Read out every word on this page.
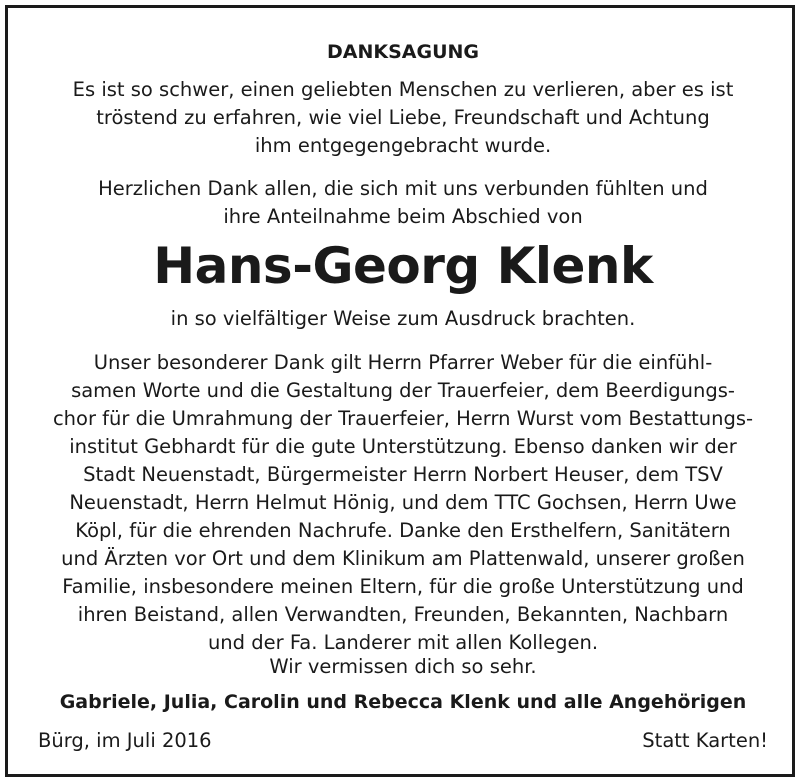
DANKSAGUNG
Es ist so schwer, einen geliebten Menschen zu verlieren, aber es ist
tröstend zu erfahren, wie viel Liebe, Freundschaft und Achtung
ihm entgegengebracht wurde.
Herzlichen Dank allen, die sich mit uns verbunden fühlten und
ihre Anteilnahme beim Abschied von
Hans-Georg Klenk
in so vielfältiger Weise zum Ausdruck brachten.
Unser besonderer Dank gilt Herrn Pfarrer Weber für die einfühl-
samen Worte und die Gestaltung der Trauerfeier, dem Beerdigungs-
chor für die Umrahmung der Trauerfeier, Herrn Wurst vom Bestattungs-
institut Gebhardt für die gute Unterstützung. Ebenso danken wir der
Stadt Neuenstadt, Bürgermeister Herrn Norbert Heuser, dem TSV
Neuenstadt, Herrn Helmut Hönig, und dem TTC Gochsen, Herrn Uwe
Köpl, für die ehrenden Nachrufe. Danke den Ersthelfern, Sanitätern
und Ärzten vor Ort und dem Klinikum am Plattenwald, unserer großen
Familie, insbesondere meinen Eltern, für die große Unterstützung und
ihren Beistand, allen Verwandten, Freunden, Bekannten, Nachbarn
und der Fa. Landerer mit allen Kollegen.
Wir vermissen dich so sehr.
Gabriele, Julia, Carolin und Rebecca Klenk und alle Angehörigen
Bürg, im Juli 2016	Statt Karten!
